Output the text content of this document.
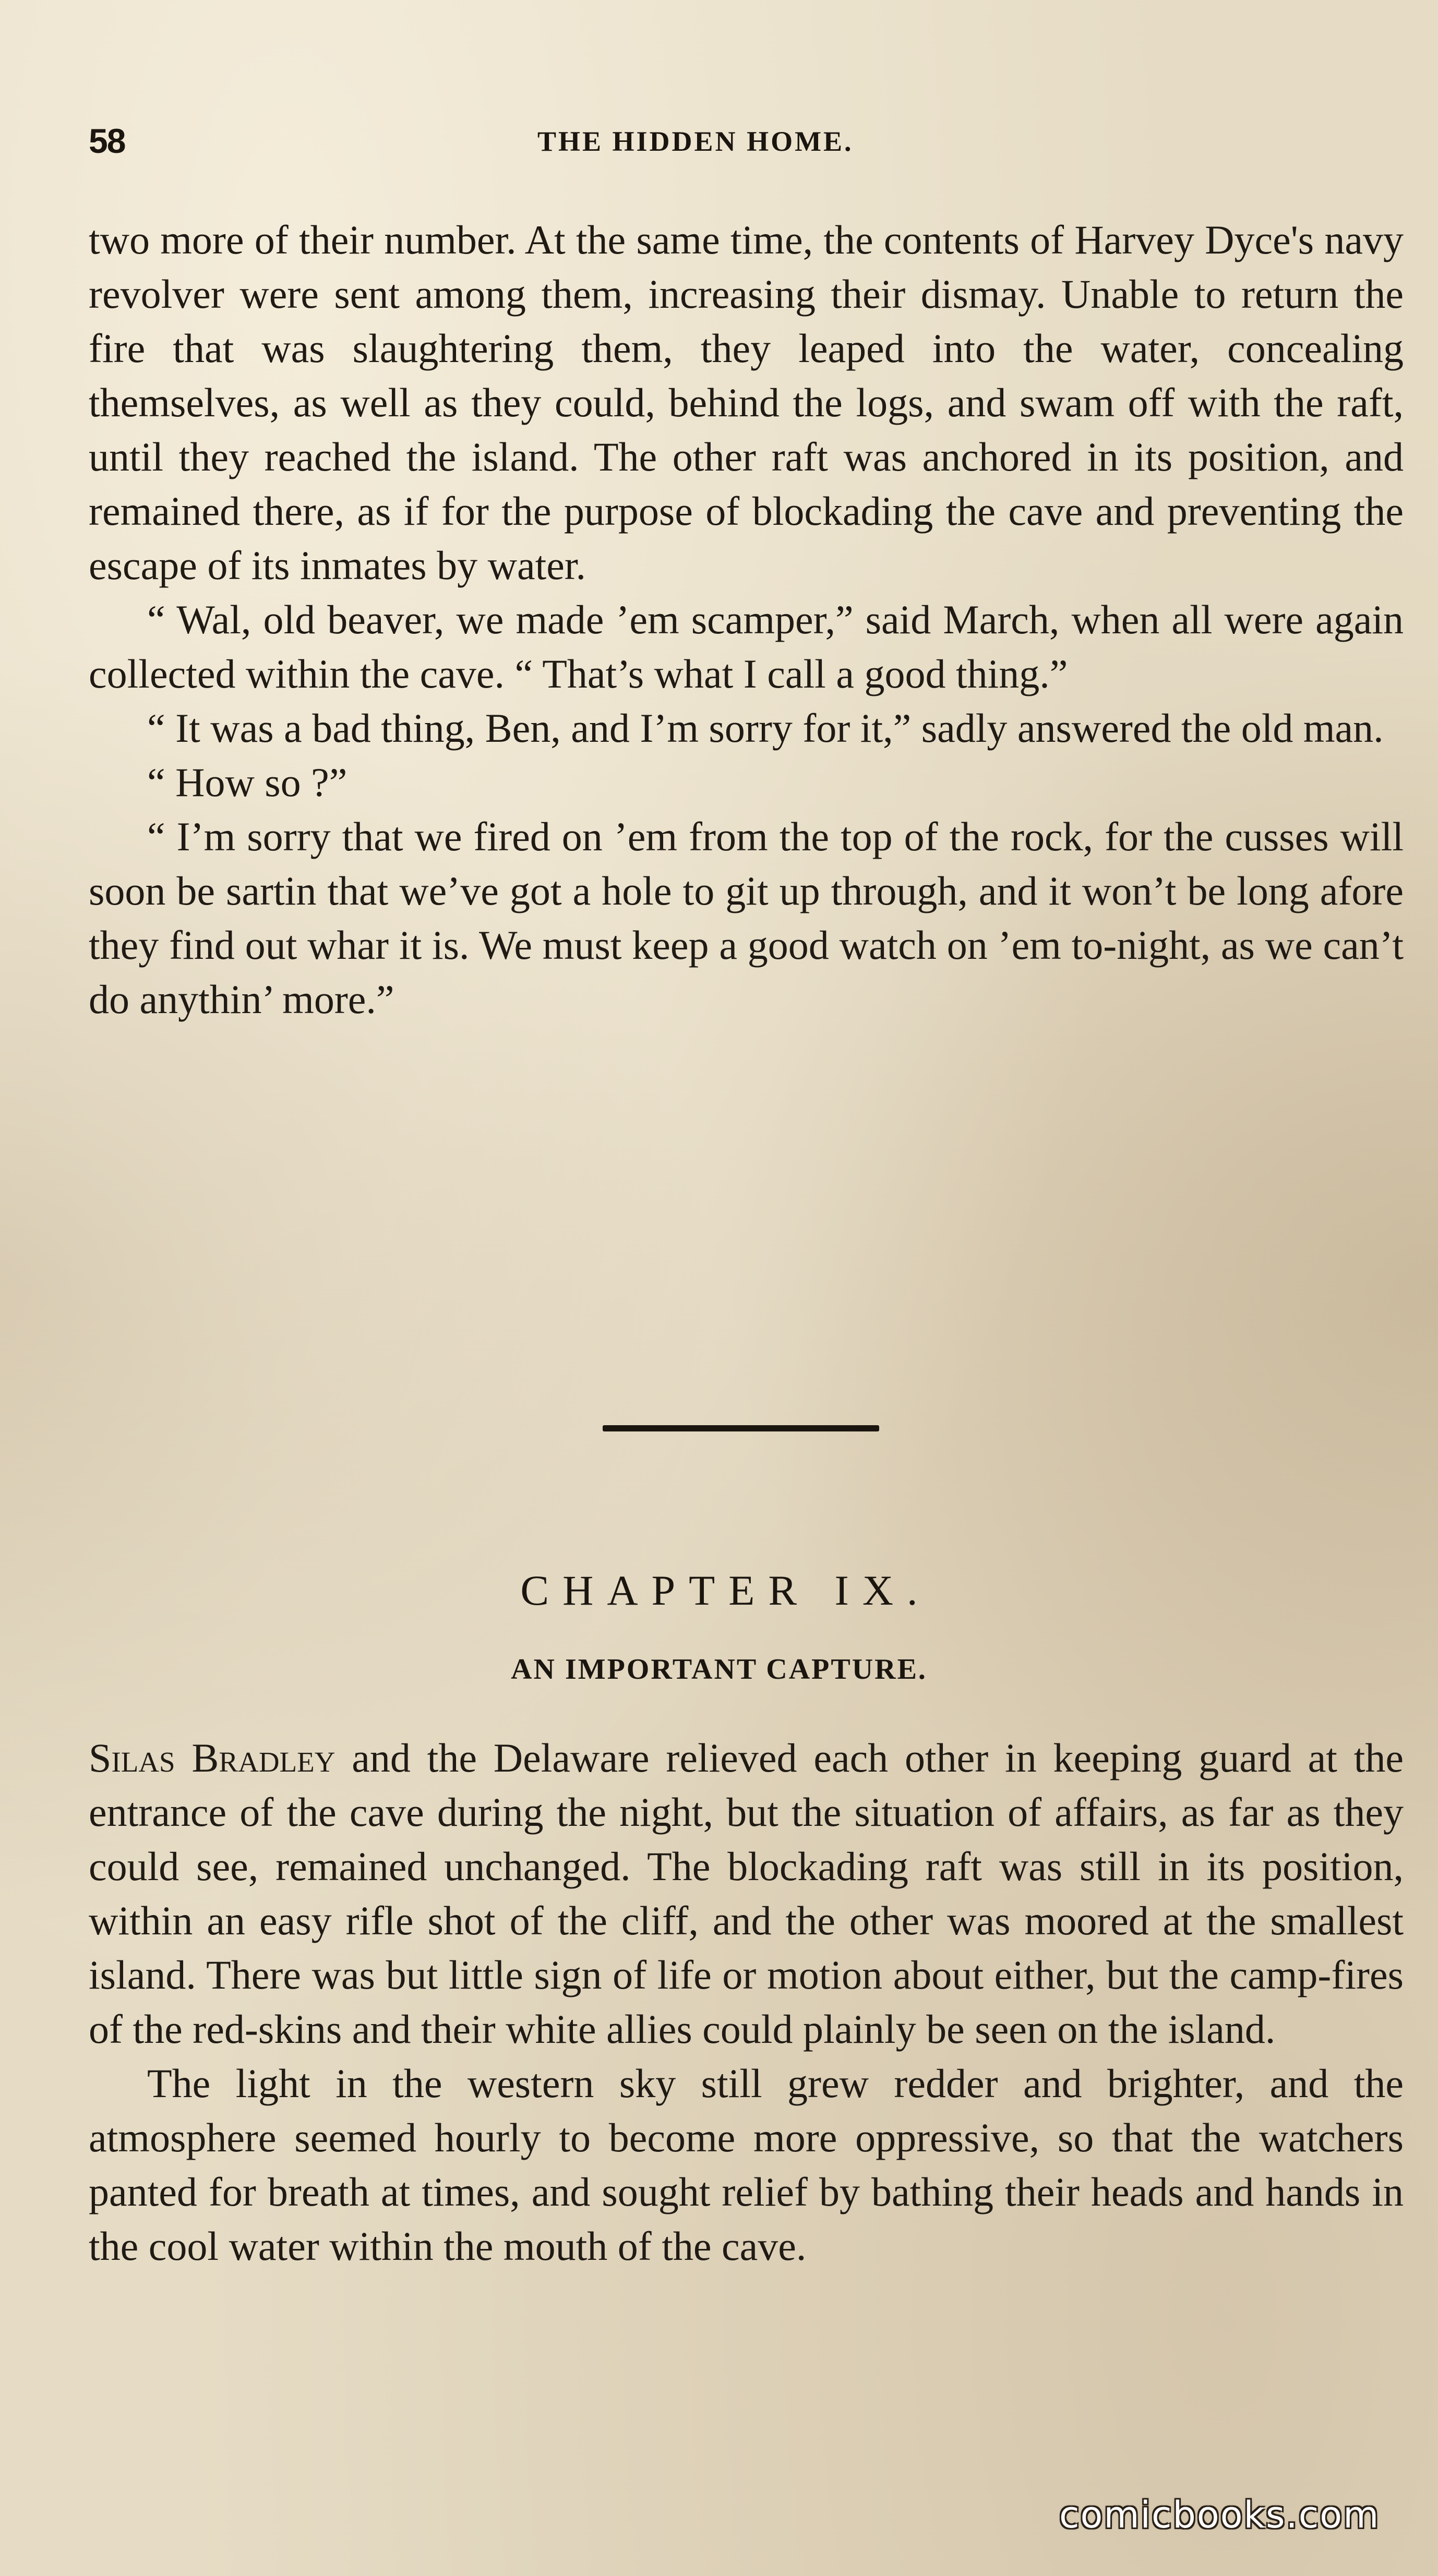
58	THE HIDDEN HOME.

two more of their number. At the same time, the contents of Harvey Dyce's navy revolver were sent among them, increasing their dismay. Unable to return the fire that was slaughtering them, they leaped into the water, concealing themselves, as well as they could, behind the logs, and swam off with the raft, until they reached the island. The other raft was anchored in its position, and remained there, as if for the purpose of blockading the cave and preventing the escape of its inmates by water.

“ Wal, old beaver, we made ’em scamper,” said March, when all were again collected within the cave. “ That’s what I call a good thing.”

“ It was a bad thing, Ben, and I’m sorry for it,” sadly answered the old man.

“ How so ?”

“ I’m sorry that we fired on ’em from the top of the rock, for the cusses will soon be sartin that we’ve got a hole to git up through, and it won’t be long afore they find out whar it is. We must keep a good watch on ’em to-night, as we can’t do anythin’ more.”

CHAPTER IX.
AN IMPORTANT CAPTURE.

Silas Bradley and the Delaware relieved each other in keeping guard at the entrance of the cave during the night, but the situation of affairs, as far as they could see, remained unchanged. The blockading raft was still in its position, within an easy rifle shot of the cliff, and the other was moored at the smallest island. There was but little sign of life or motion about either, but the camp-fires of the red-skins and their white allies could plainly be seen on the island.

The light in the western sky still grew redder and brighter, and the atmosphere seemed hourly to become more oppressive, so that the watchers panted for breath at times, and sought relief by bathing their heads and hands in the cool water within the mouth of the cave.

comicbooks.com
